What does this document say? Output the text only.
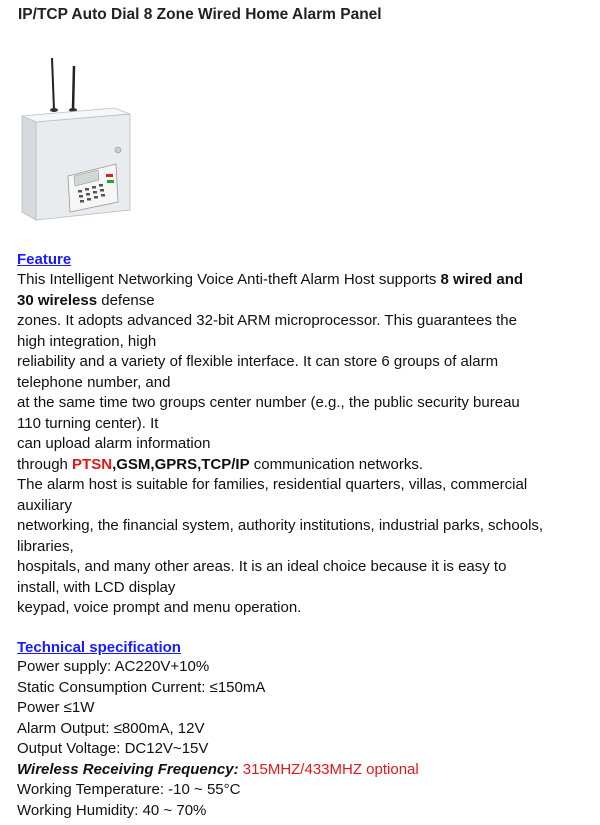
IP/TCP Auto Dial 8 Zone Wired Home Alarm Panel
Feature
This Intelligent Networking Voice Anti-theft Alarm Host supports 8 wired and
30 wireless defense
zones. It adopts advanced 32-bit ARM microprocessor. This guarantees the
high integration, high
reliability and a variety of flexible interface. It can store 6 groups of alarm
telephone number, and
at the same time two groups center number (e.g., the public security bureau
110 turning center). It
can upload alarm information
through PTSN,GSM,GPRS,TCP/IP communication networks.
The alarm host is suitable for families, residential quarters, villas, commercial
auxiliary
networking, the financial system, authority institutions, industrial parks, schools,
libraries,
hospitals, and many other areas. It is an ideal choice because it is easy to
install, with LCD display
keypad, voice prompt and menu operation.
Technical specification
Power supply: AC220V+10%
Static Consumption Current: ≤150mA
Power ≤1W
Alarm Output: ≤800mA, 12V
Output Voltage: DC12V~15V
Wireless Receiving Frequency: 315MHZ/433MHZ optional
Working Temperature: -10 ~ 55°C
Working Humidity: 40 ~ 70%
